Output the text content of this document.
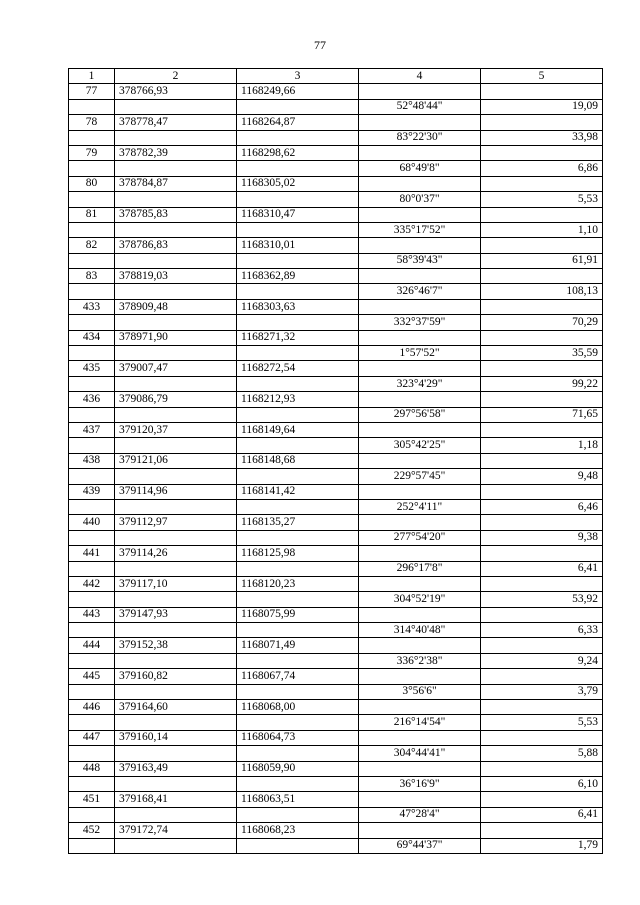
77
1	2	3	4	5
77	378766,93	1168249,66		
			52°48'44"	19,09
78	378778,47	1168264,87		
			83°22'30"	33,98
79	378782,39	1168298,62		
			68°49'8"	6,86
80	378784,87	1168305,02		
			80°0'37"	5,53
81	378785,83	1168310,47		
			335°17'52"	1,10
82	378786,83	1168310,01		
			58°39'43"	61,91
83	378819,03	1168362,89		
			326°46'7"	108,13
433	378909,48	1168303,63		
			332°37'59"	70,29
434	378971,90	1168271,32		
			1°57'52"	35,59
435	379007,47	1168272,54		
			323°4'29"	99,22
436	379086,79	1168212,93		
			297°56'58"	71,65
437	379120,37	1168149,64		
			305°42'25"	1,18
438	379121,06	1168148,68		
			229°57'45"	9,48
439	379114,96	1168141,42		
			252°4'11"	6,46
440	379112,97	1168135,27		
			277°54'20"	9,38
441	379114,26	1168125,98		
			296°17'8"	6,41
442	379117,10	1168120,23		
			304°52'19"	53,92
443	379147,93	1168075,99		
			314°40'48"	6,33
444	379152,38	1168071,49		
			336°2'38"	9,24
445	379160,82	1168067,74		
			3°56'6"	3,79
446	379164,60	1168068,00		
			216°14'54"	5,53
447	379160,14	1168064,73		
			304°44'41"	5,88
448	379163,49	1168059,90		
			36°16'9"	6,10
451	379168,41	1168063,51		
			47°28'4"	6,41
452	379172,74	1168068,23		
			69°44'37"	1,79
